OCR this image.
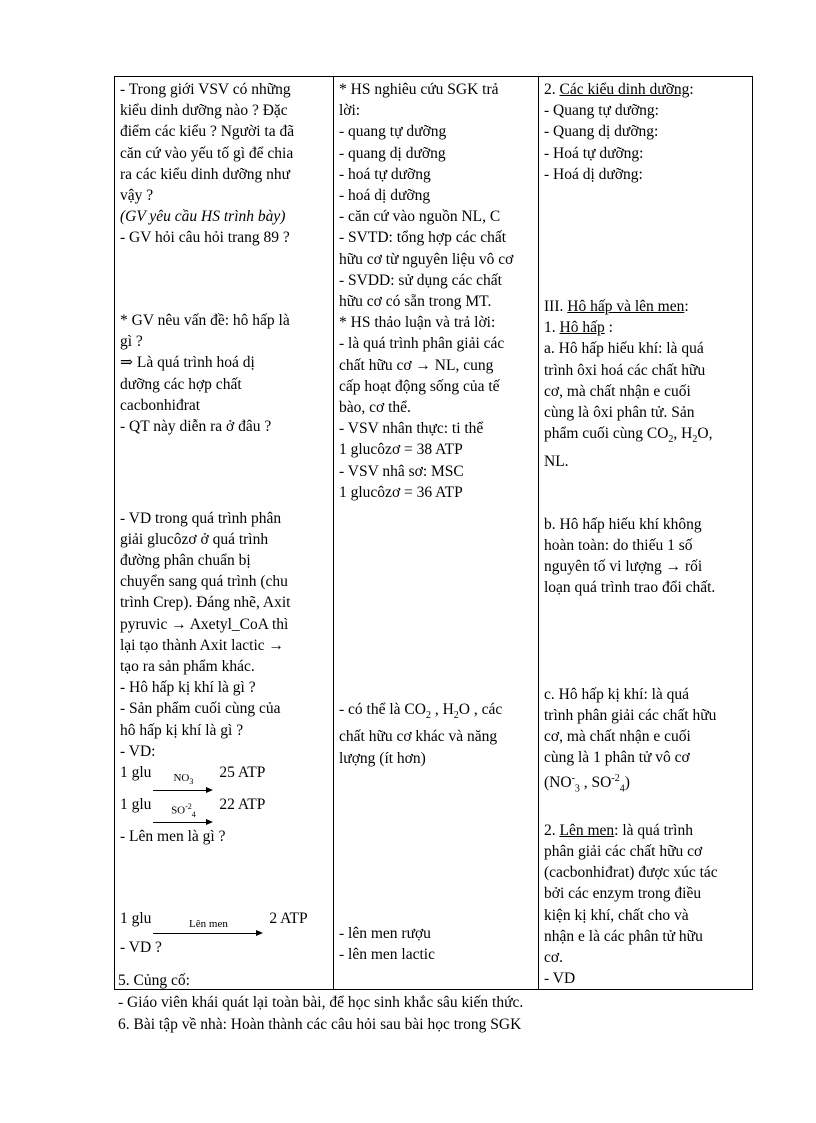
- Trong giới VSV có những
kiểu dinh dưỡng nào ? Đặc
điểm các kiểu ? Người ta đã
căn cứ vào yếu tố gì để chia
ra các kiểu dinh dưỡng như
vậy ?
(GV yêu cầu HS trình bày)
- GV hỏi câu hỏi trang 89 ?
* GV nêu vấn đề: hô hấp là
gì ?
⇒ Là quá trình hoá dị
dưỡng các hợp chất
cacbonhiđrat
- QT này diễn ra ở đâu ?
- VD trong quá trình phân
giải glucôzơ ở quá trình
đường phân chuẩn bị
chuyển sang quá trình (chu
trình Crep). Đáng nhẽ, Axit
pyruvic → Axetyl_CoA thì
lại tạo thành Axit lactic →
tạo ra sản phẩm khác.
- Hô hấp kị khí là gì ?
- Sản phẩm cuối cùng của
hô hấp kị khí là gì ?
- VD:
1 glu $NO_3$
25 ATP
1 glu $SO^{-2}_4$
22 ATP
- Lên men là gì ?
1 glu	Lên men	2 ATP
- VD ?

* HS nghiêu cứu SGK trả
lời:
- quang tự dưỡng
- quang dị dưỡng
- hoá tự dưỡng
- hoá dị dưỡng
- căn cứ vào nguồn NL, C
- SVTD: tổng hợp các chất
hữu cơ từ nguyên liệu vô cơ
- SVDD: sử dụng các chất
hữu cơ có sẵn trong MT.
* HS thảo luận và trả lời:
- là quá trình phân giải các
chất hữu cơ → NL, cung
cấp hoạt động sống của tế
bào, cơ thể.
- VSV nhân thực: ti thể
1 glucôzơ = 38 ATP
- VSV nhâ sơ: MSC
1 glucôzơ = 36 ATP
- có thể là $CO_2$ , $H_2O$ , các
chất hữu cơ khác và năng
lượng (ít hơn)
- lên men rượu
- lên men lactic

2. Các kiểu dinh dưỡng:
- Quang tự dưỡng:
- Quang dị dưỡng:
- Hoá tự dưỡng:
- Hoá dị dưỡng:
III. Hô hấp và lên men:
1. Hô hấp :
a. Hô hấp hiếu khí: là quá
trình ôxi hoá các chất hữu
cơ, mà chất nhận e cuối
cùng là ôxi phân tử. Sản
phẩm cuối cùng $CO_2$, $H_2O$,
NL.
b. Hô hấp hiếu khí không
hoàn toàn: do thiếu 1 số
nguyên tố vi lượng → rối
loạn quá trình trao đổi chất.
c. Hô hấp kị khí: là quá
trình phân giải các chất hữu
cơ, mà chất nhận e cuối
cùng là 1 phân tử vô cơ
($NO^-_3$ , $SO^{-2}_4$)
2. Lên men: là quá trình
phân giải các chất hữu cơ
(cacbonhiđrat) được xúc tác
bởi các enzym trong điều
kiện kị khí, chất cho và
nhận e là các phân tử hữu
cơ.
- VD
5. Củng cố:
- Giáo viên khái quát lại toàn bài, để học sinh khắc sâu kiến thức.
6. Bài tập về nhà: Hoàn thành các câu hỏi sau bài học trong SGK
